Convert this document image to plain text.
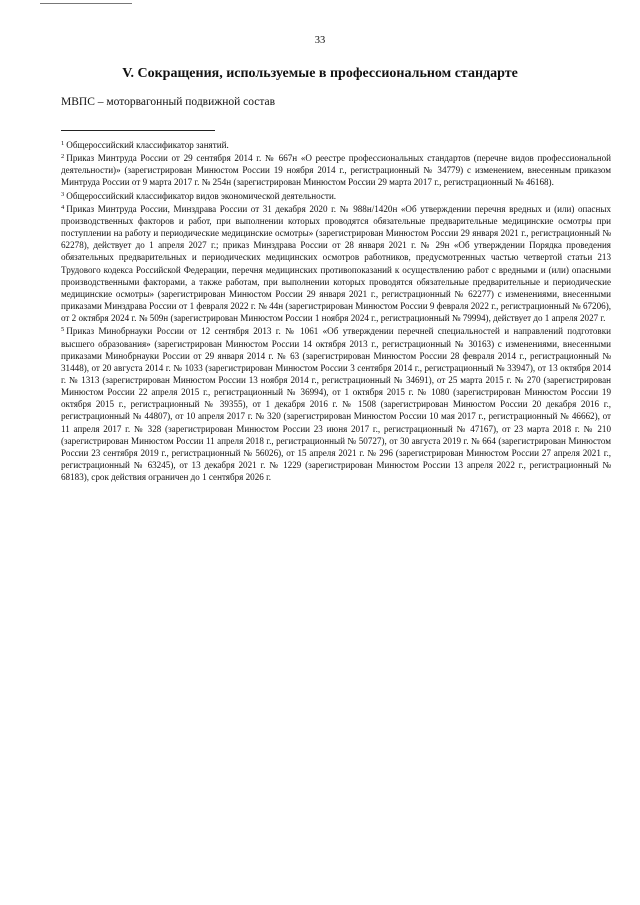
33
V. Сокращения, используемые в профессиональном стандарте
МВПС – моторвагонный подвижной состав

$^1$ Общероссийский классификатор занятий.

$^2$ Приказ Минтруда России от 29 сентября 2014 г. № 667н «О реестре профессиональных стандартов (перечне видов профессиональной деятельности)» (зарегистрирован Минюстом России 19 ноября 2014 г., регистрационный № 34779) с изменением, внесенным приказом Минтруда России от 9 марта 2017 г. № 254н (зарегистрирован Минюстом России 29 марта 2017 г., регистрационный № 46168).

$^3$ Общероссийский классификатор видов экономической деятельности.

$^4$ Приказ Минтруда России, Минздрава России от 31 декабря 2020 г. № 988н/1420н «Об утверждении перечня вредных и (или) опасных производственных факторов и работ, при выполнении которых проводятся обязательные предварительные медицинские осмотры при поступлении на работу и периодические медицинские осмотры» (зарегистрирован Минюстом России 29 января 2021 г., регистрационный № 62278), действует до 1 апреля 2027 г.; приказ Минздрава России от 28 января 2021 г. № 29н «Об утверждении Порядка проведения обязательных предварительных и периодических медицинских осмотров работников, предусмотренных частью четвертой статьи 213 Трудового кодекса Российской Федерации, перечня медицинских противопоказаний к осуществлению работ с вредными и (или) опасными производственными факторами, а также работам, при выполнении которых проводятся обязательные предварительные и периодические медицинские осмотры» (зарегистрирован Минюстом России 29 января 2021 г., регистрационный № 62277) с изменениями, внесенными приказами Минздрава России от 1 февраля 2022 г. № 44н (зарегистрирован Минюстом России 9 февраля 2022 г., регистрационный № 67206), от 2 октября 2024 г. № 509н (зарегистрирован Минюстом России 1 ноября 2024 г., регистрационный № 79994), действует до 1 апреля 2027 г.

$^5$ Приказ Минобрнауки России от 12 сентября 2013 г. № 1061 «Об утверждении перечней специальностей и направлений подготовки высшего образования» (зарегистрирован Минюстом России 14 октября 2013 г., регистрационный № 30163) с изменениями, внесенными приказами Минобрнауки России от 29 января 2014 г. № 63 (зарегистрирован Минюстом России 28 февраля 2014 г., регистрационный № 31448), от 20 августа 2014 г. № 1033 (зарегистрирован Минюстом России 3 сентября 2014 г., регистрационный № 33947), от 13 октября 2014 г. № 1313 (зарегистрирован Минюстом России 13 ноября 2014 г., регистрационный № 34691), от 25 марта 2015 г. № 270 (зарегистрирован Минюстом России 22 апреля 2015 г., регистрационный № 36994), от 1 октября 2015 г. № 1080 (зарегистрирован Минюстом России 19 октября 2015 г., регистрационный № 39355), от 1 декабря 2016 г. № 1508 (зарегистрирован Минюстом России 20 декабря 2016 г., регистрационный № 44807), от 10 апреля 2017 г. № 320 (зарегистрирован Минюстом России 10 мая 2017 г., регистрационный № 46662), от 11 апреля 2017 г. № 328 (зарегистрирован Минюстом России 23 июня 2017 г., регистрационный № 47167), от 23 марта 2018 г. № 210 (зарегистрирован Минюстом России 11 апреля 2018 г., регистрационный № 50727), от 30 августа 2019 г. № 664 (зарегистрирован Минюстом России 23 сентября 2019 г., регистрационный № 56026), от 15 апреля 2021 г. № 296 (зарегистрирован Минюстом России 27 апреля 2021 г., регистрационный № 63245), от 13 декабря 2021 г. № 1229 (зарегистрирован Минюстом России 13 апреля 2022 г., регистрационный № 68183), срок действия ограничен до 1 сентября 2026 г.
